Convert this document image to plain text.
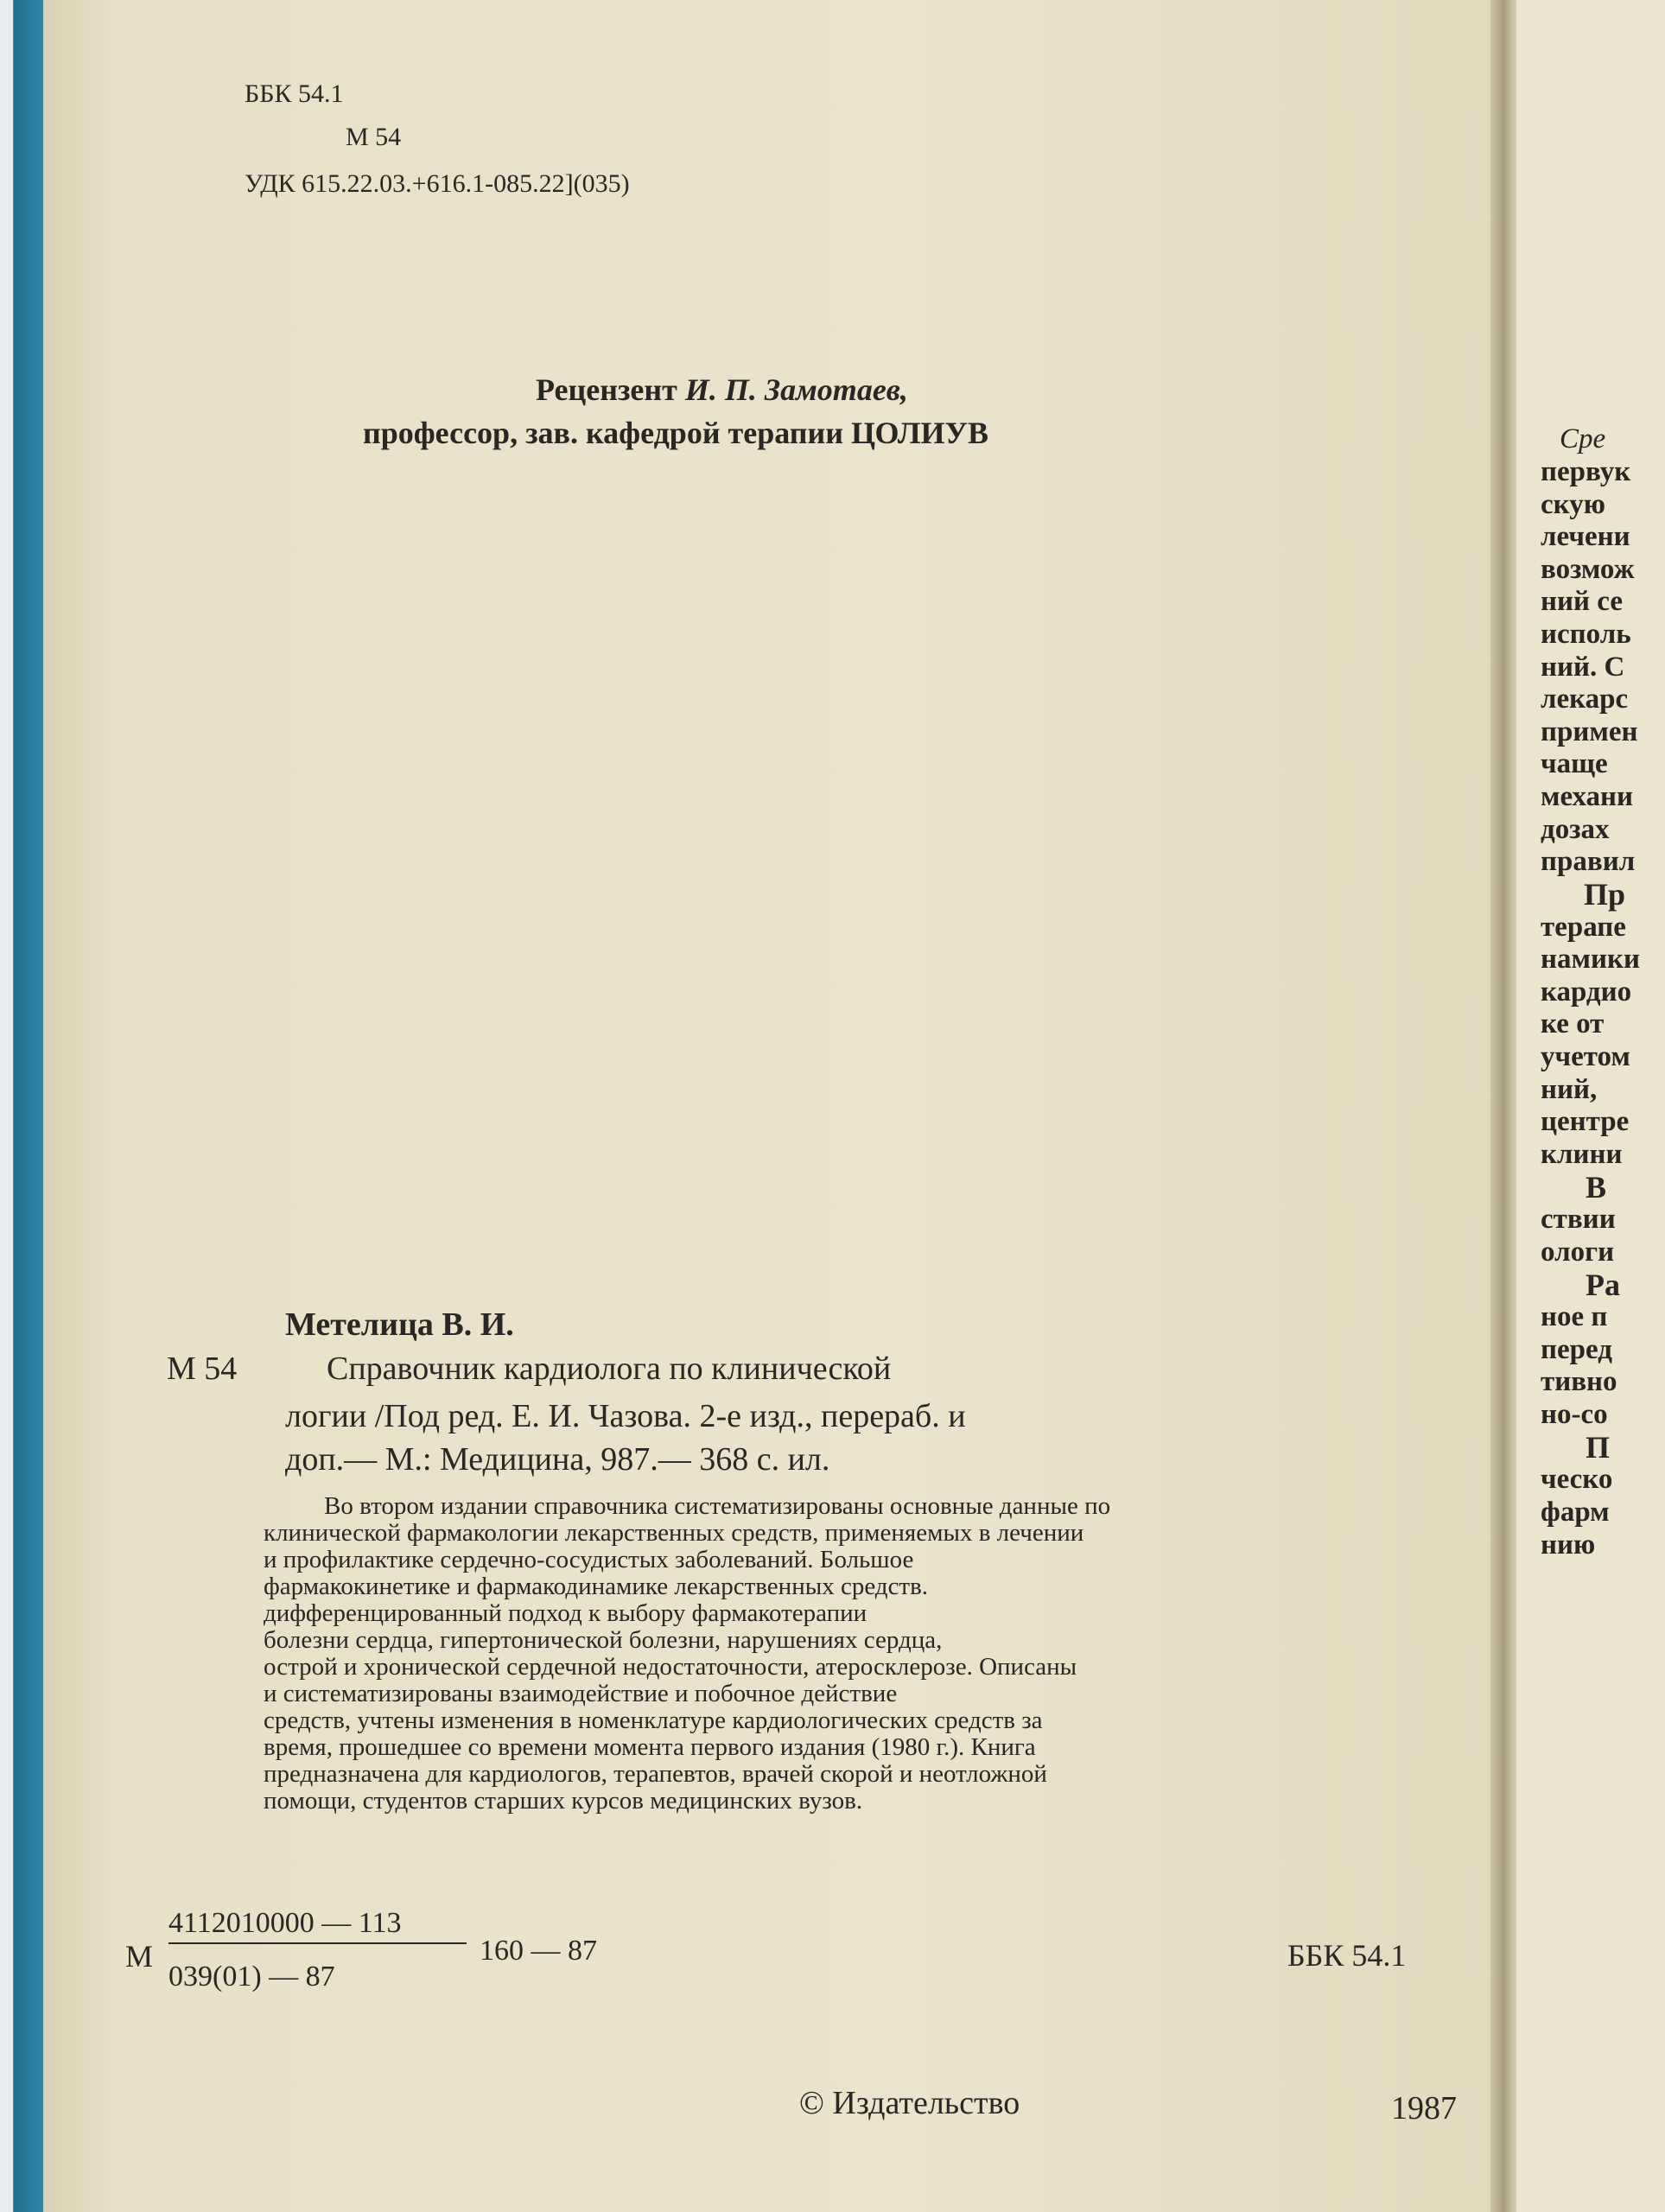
ББК 54.1
М 54
УДК 615.22.03.+616.1-085.22](035)
Рецензент И. П. Замотаев,
профессор, зав. кафедрой терапии ЦОЛИУВ
Метелица В. И.
М 54	Справочник кардиолога по клинической
логии /Под ред. Е. И. Чазова. 2-е изд., перераб. и
доп.— М.: Медицина, 987.— 368 с. ил.

Во втором издании справочника систематизированы основные данные по

клинической фармакологии лекарственных средств, применяемых в лечении

и профилактике сердечно-сосудистых заболеваний. Большое

фармакокинетике и фармакодинамике лекарственных средств.

дифференцированный подход к выбору фармакотерапии

болезни сердца, гипертонической болезни, нарушениях сердца,

острой и хронической сердечной недостаточности, атеросклерозе. Описаны

и систематизированы взаимодействие и побочное действие

средств, учтены изменения в номенклатуре кардиологических средств за

время, прошедшее со времени момента первого издания (1980 г.). Книга

предназначена для кардиологов, терапевтов, врачей скорой и неотложной

помощи, студентов старших курсов медицинских вузов.

М
4112010000 — 113
039(01) — 87
160 — 87	ББК 54.1
© Издательство	1987
Сре
первук
скую
лечени
возмож
ний се
исполь
ний. С
лекарс
примен
чаще
механи
дозах
правил
Пр
терапе
намики
кардио
ке от
учетом
ний,
центре
клини
В
ствии
ологи
Ра
ное п
перед
тивно
но-со
П
ческо
фарм
нию
